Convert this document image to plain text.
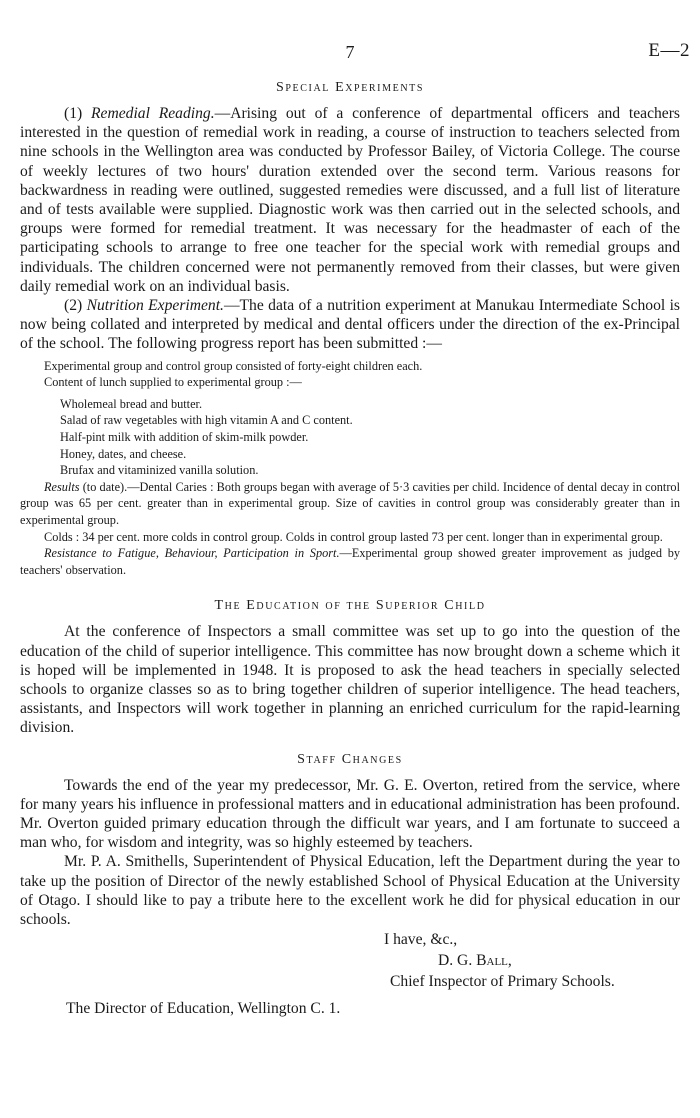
7	E—2
Special Experiments

(1) Remedial Reading.—Arising out of a conference of departmental officers and teachers interested in the question of remedial work in reading, a course of instruction to teachers selected from nine schools in the Wellington area was conducted by Professor Bailey, of Victoria College. The course of weekly lectures of two hours' duration extended over the second term. Various reasons for backwardness in reading were outlined, suggested remedies were discussed, and a full list of literature and of tests available were supplied. Diagnostic work was then carried out in the selected schools, and groups were formed for remedial treatment. It was necessary for the headmaster of each of the participating schools to arrange to free one teacher for the special work with remedial groups and individuals. The children concerned were not permanently removed from their classes, but were given daily remedial work on an individual basis.

(2) Nutrition Experiment.—The data of a nutrition experiment at Manukau Intermediate School is now being collated and interpreted by medical and dental officers under the direction of the ex-Principal of the school. The following progress report has been submitted :—

Experimental group and control group consisted of forty-eight children each.

Content of lunch supplied to experimental group :—

Wholemeal bread and butter.

Salad of raw vegetables with high vitamin A and C content.

Half-pint milk with addition of skim-milk powder.

Honey, dates, and cheese.

Brufax and vitaminized vanilla solution.

Results (to date).—Dental Caries : Both groups began with average of 5·3 cavities per child. Incidence of dental decay in control group was 65 per cent. greater than in experimental group. Size of cavities in control group was considerably greater than in experimental group.

Colds : 34 per cent. more colds in control group. Colds in control group lasted 73 per cent. longer than in experimental group.

Resistance to Fatigue, Behaviour, Participation in Sport.—Experimental group showed greater improvement as judged by teachers' observation.

The Education of the Superior Child

At the conference of Inspectors a small committee was set up to go into the question of the education of the child of superior intelligence. This committee has now brought down a scheme which it is hoped will be implemented in 1948. It is proposed to ask the head teachers in specially selected schools to organize classes so as to bring together children of superior intelligence. The head teachers, assistants, and Inspectors will work together in planning an enriched curriculum for the rapid-learning division.

Staff Changes

Towards the end of the year my predecessor, Mr. G. E. Overton, retired from the service, where for many years his influence in professional matters and in educational administration has been profound. Mr. Overton guided primary education through the difficult war years, and I am fortunate to succeed a man who, for wisdom and integrity, was so highly esteemed by teachers.

Mr. P. A. Smithells, Superintendent of Physical Education, left the Department during the year to take up the position of Director of the newly established School of Physical Education at the University of Otago. I should like to pay a tribute here to the excellent work he did for physical education in our schools.

I have, &c.,
D. G. Ball,
Chief Inspector of Primary Schools.
The Director of Education, Wellington C. 1.
